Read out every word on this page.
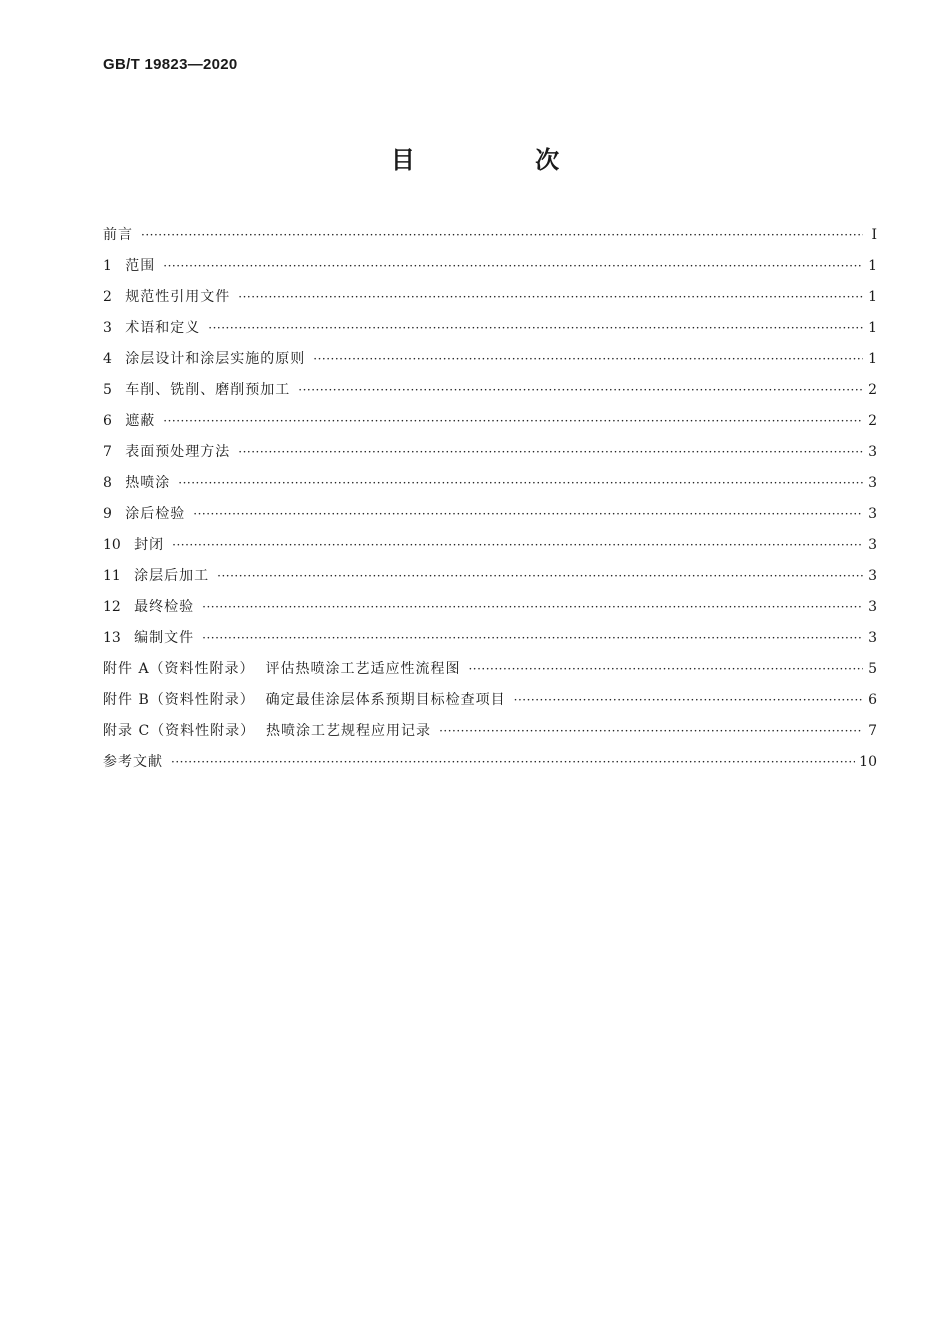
GB/T 19823—2020
目 次
前言 ·····	Ⅰ
1 范围 ·····	1
2 规范性引用文件 ·····	1
3 术语和定义 ·····	1
4 涂层设计和涂层实施的原则 ·····	1
5 车削、铣削、磨削预加工 ·····	2
6 遮蔽 ·····	2
7 表面预处理方法 ·····	3
8 热喷涂 ·····	3
9 涂后检验 ·····	3
10 封闭 ·····	3
11 涂层后加工 ·····	3
12 最终检验 ·····	3
13 编制文件 ·····	3
附件 A（资料性附录）  评估热喷涂工艺适应性流程图 ·····	5
附件 B（资料性附录）  确定最佳涂层体系预期目标检查项目 ·····	6
附录 C（资料性附录）  热喷涂工艺规程应用记录 ·····	7
参考文献 ·····	10
